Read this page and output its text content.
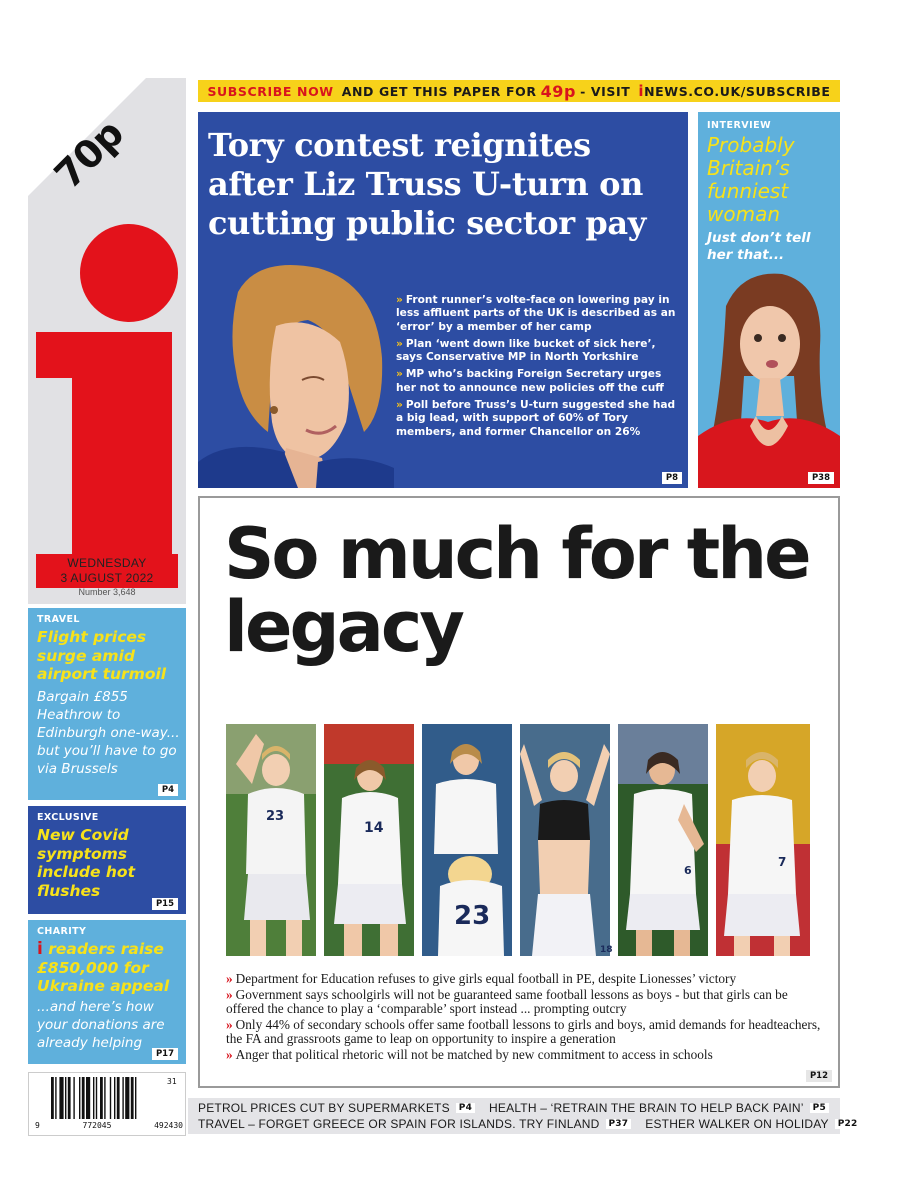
70p
WEDNESDAY
3 AUGUST 2022
Number 3,648
SUBSCRIBE NOW AND GET THIS PAPER FOR 49p - VISIT i NEWS.CO.UK/SUBSCRIBE
Tory contest reignites after Liz Truss U-turn on cutting public sector pay
» Front runner’s volte-face on lowering pay in less affluent parts of the UK is described as an ‘error’ by a member of her camp
» Plan ‘went down like bucket of sick here’, says Conservative MP in North Yorkshire
» MP who’s backing Foreign Secretary urges her not to announce new policies off the cuff
» Poll before Truss’s U-turn suggested she had a big lead, with support of 60% of Tory members, and former Chancellor on 26%
P8
INTERVIEW
Probably Britain’s funniest woman
Just don’t tell her that...
P38
TRAVEL
Flight prices surge amid airport turmoil
Bargain £855 Heathrow to Edinburgh one-way... but you’ll have to go via Brussels
P4
EXCLUSIVE
New Covid symptoms include hot flushes
P15
CHARITY
i readers raise £850,000 for Ukraine appeal
...and here’s how your donations are already helping
P17
31
9	772045	492430
So much for the legacy
23
14
23
18
6
7
» Department for Education refuses to give girls equal football in PE, despite Lionesses’ victory
» Government says schoolgirls will not be guaranteed same football lessons as boys - but that girls can be offered the chance to play a ‘comparable’ sport instead ... prompting outcry
» Only 44% of secondary schools offer same football lessons to girls and boys, amid demands for headteachers, the FA and grassroots game to leap on opportunity to inspire a generation
» Anger that political rhetoric will not be matched by new commitment to access in schools
P12
PETROL PRICES CUT BY SUPERMARKETS	P4 HEALTH – ‘RETRAIN THE BRAIN TO HELP BACK PAIN’	P5
TRAVEL – FORGET GREECE OR SPAIN FOR ISLANDS. TRY FINLAND	P37 ESTHER WALKER ON HOLIDAY	P22
